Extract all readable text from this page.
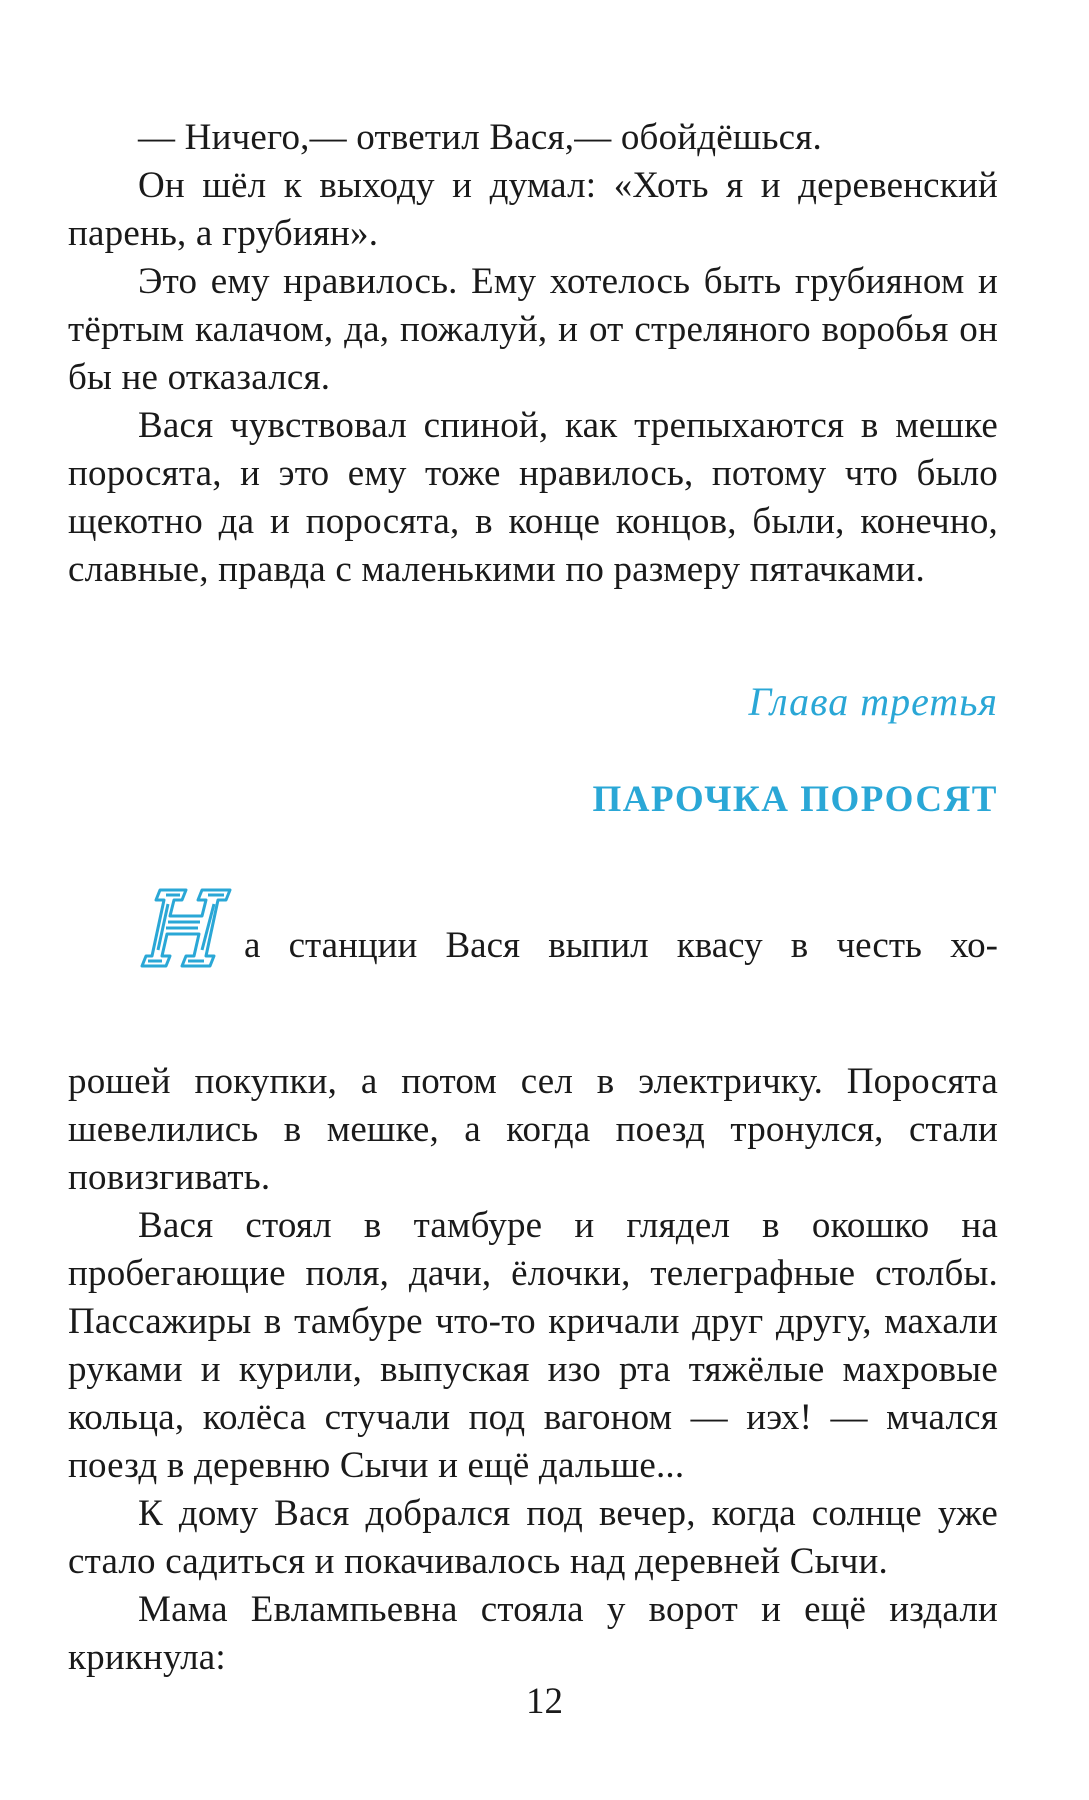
— Ничего,— ответил Вася,— обойдёшься.

Он шёл к выходу и думал: «Хоть я и деревенский парень, а грубиян».

Это ему нравилось. Ему хотелось быть грубияном и тёртым калачом, да, пожалуй, и от стреляного воробья он бы не отказался.

Вася чувствовал спиной, как трепыхаются в мешке поросята, и это ему тоже нравилось, потому что было щекотно да и поросята, в конце концов, были, конечно, славные, правда с маленькими по размеру пятачками.

Глава третья
ПАРОЧКА ПОРОСЯТ
а станции Вася выпил квасу в честь хо-

рошей покупки, а потом сел в электричку. Поросята шевелились в мешке, а когда поезд тронулся, стали повизгивать.

Вася стоял в тамбуре и глядел в окошко на пробегающие поля, дачи, ёлочки, телеграфные столбы. Пассажиры в тамбуре что-то кричали друг другу, махали руками и курили, выпуская изо рта тяжёлые махровые кольца, колёса стучали под вагоном — иэх! — мчался поезд в деревню Сычи и ещё дальше...

К дому Вася добрался под вечер, когда солнце уже стало садиться и покачивалось над деревней Сычи.

Мама Евлампьевна стояла у ворот и ещё издали крикнула:

12
